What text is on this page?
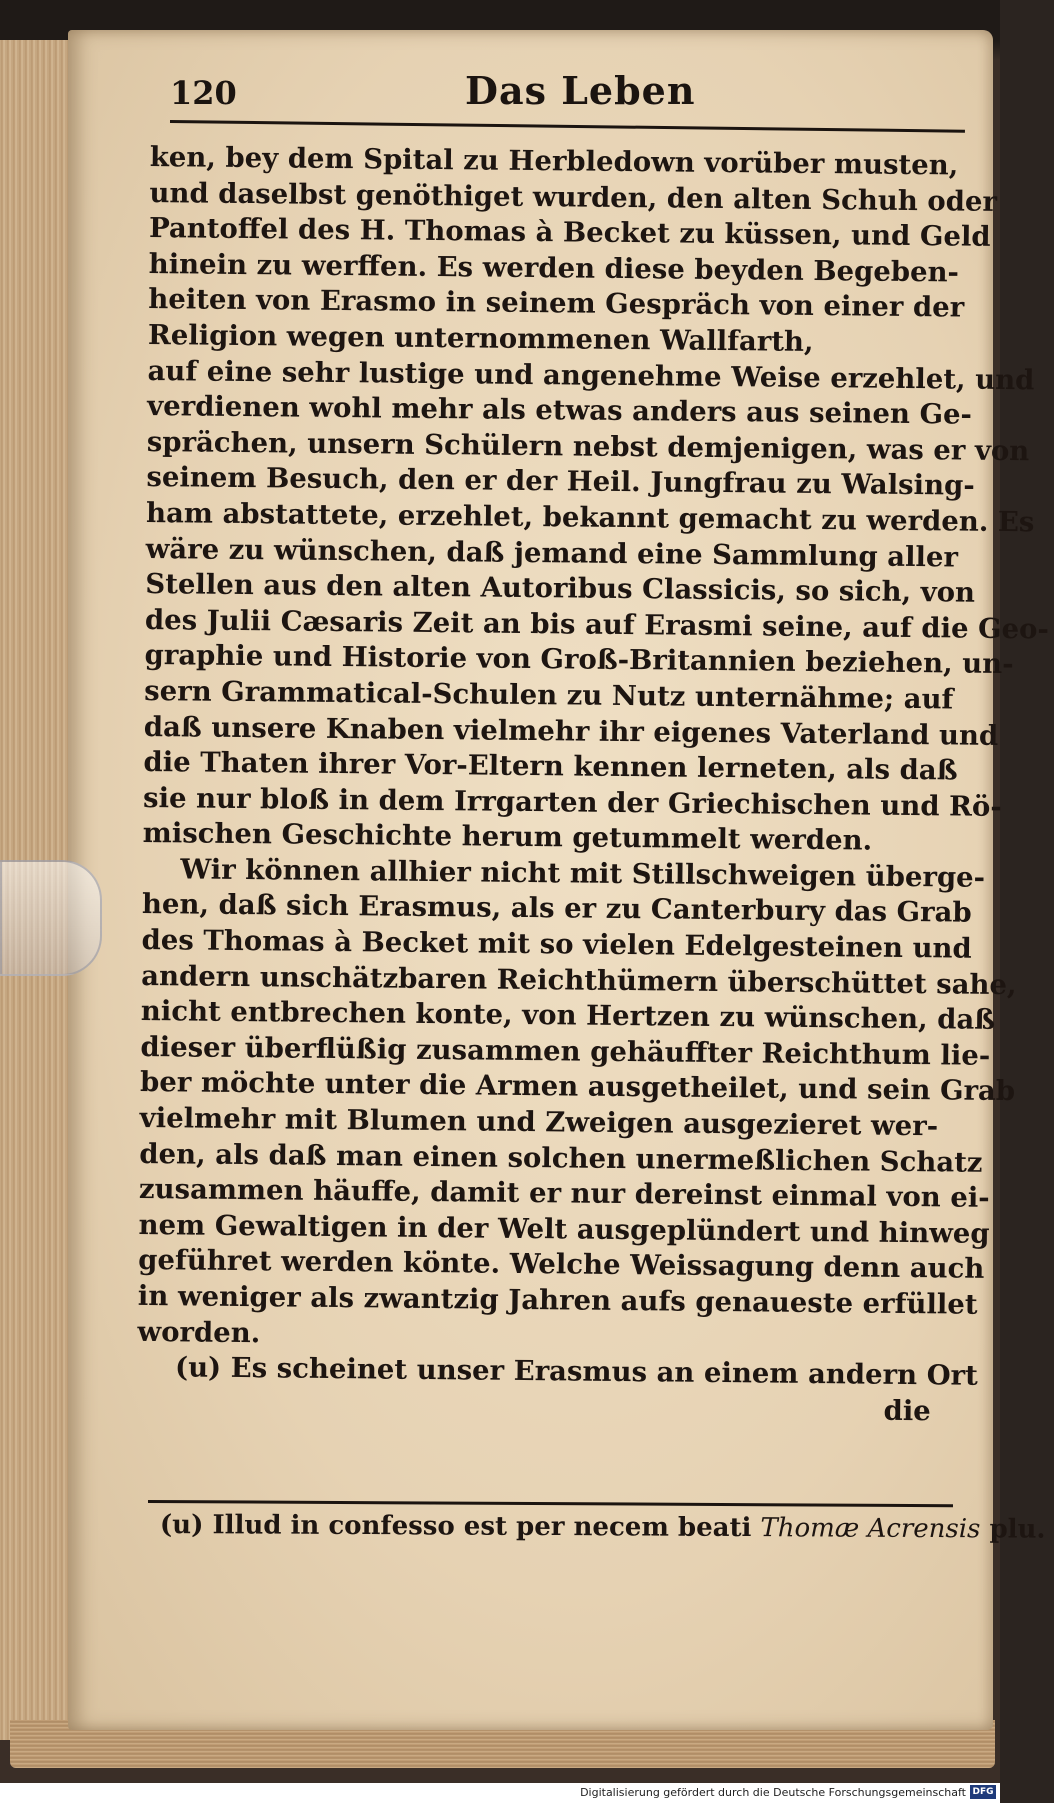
120	Das Leben
ken, bey dem Spital zu Herbledown vorüber musten,
und daselbst genöthiget wurden, den alten Schuh oder
Pantoffel des H. Thomas à Becket zu küssen, und Geld
hinein zu werffen. Es werden diese beyden Begeben-
heiten von Erasmo in seinem Gespräch von einer der
Religion wegen unternommenen Wallfarth,
auf eine sehr lustige und angenehme Weise erzehlet, und
verdienen wohl mehr als etwas anders aus seinen Ge-
sprächen, unsern Schülern nebst demjenigen, was er von
seinem Besuch, den er der Heil. Jungfrau zu Walsing-
ham abstattete, erzehlet, bekannt gemacht zu werden. Es
wäre zu wünschen, daß jemand eine Sammlung aller
Stellen aus den alten Autoribus Classicis, so sich, von
des Julii Cæsaris Zeit an bis auf Erasmi seine, auf die Geo-
graphie und Historie von Groß-Britannien beziehen, un-
sern Grammatical-Schulen zu Nutz unternähme; auf
daß unsere Knaben vielmehr ihr eigenes Vaterland und
die Thaten ihrer Vor-Eltern kennen lerneten, als daß
sie nur bloß in dem Irrgarten der Griechischen und Rö-
mischen Geschichte herum getummelt werden.
Wir können allhier nicht mit Stillschweigen überge-
hen, daß sich Erasmus, als er zu Canterbury das Grab
des Thomas à Becket mit so vielen Edelgesteinen und
andern unschätzbaren Reichthümern überschüttet sahe,
nicht entbrechen konte, von Hertzen zu wünschen, daß
dieser überflüßig zusammen gehäuffter Reichthum lie-
ber möchte unter die Armen ausgetheilet, und sein Grab
vielmehr mit Blumen und Zweigen ausgezieret wer-
den, als daß man einen solchen unermeßlichen Schatz
zusammen häuffe, damit er nur dereinst einmal von ei-
nem Gewaltigen in der Welt ausgeplündert und hinweg
geführet werden könte. Welche Weissagung denn auch
in weniger als zwantzig Jahren aufs genaueste erfüllet
worden.
(u) Es scheinet unser Erasmus an einem andern Ort
die
(u) Illud in confesso est per necem beati Thomæ Acrensis plu.
Digitalisierung gefördert durch die Deutsche Forschungsgemeinschaft DFG
